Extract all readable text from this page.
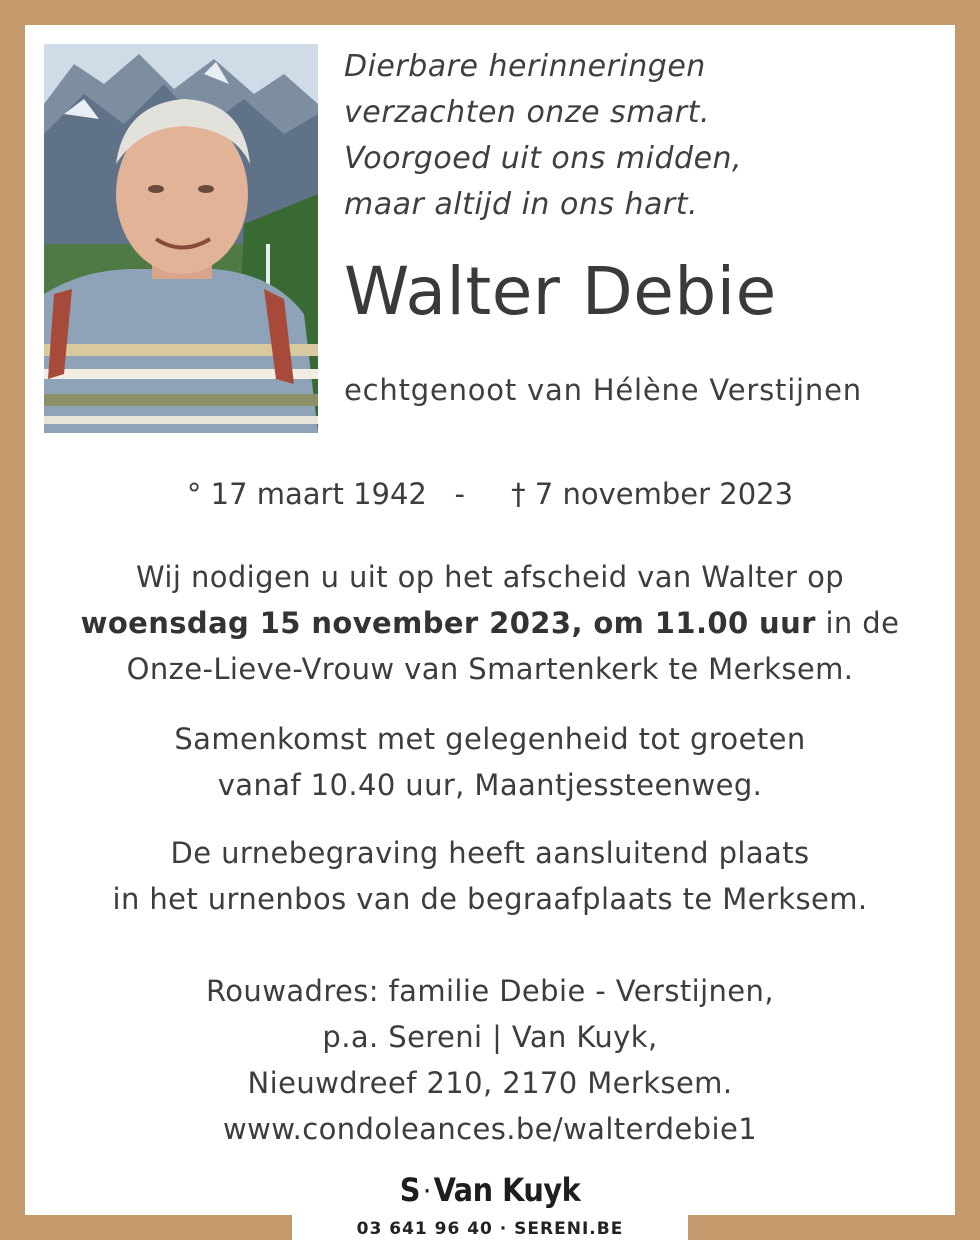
Dierbare herinneringen
verzachten onze smart.
Voorgoed uit ons midden,
maar altijd in ons hart.
Walter Debie
echtgenoot van Hélène Verstijnen
° 17 maart 1942 - † 7 november 2023
Wij nodigen u uit op het afscheid van Walter op
woensdag 15 november 2023, om 11.00 uur in de
Onze-Lieve-Vrouw van Smartenkerk te Merksem.
Samenkomst met gelegenheid tot groeten
vanaf 10.40 uur, Maantjessteenweg.
De urnebegraving heeft aansluitend plaats
in het urnenbos van de begraafplaats te Merksem.
Rouwadres: familie Debie - Verstijnen,
p.a. Sereni | Van Kuyk,
Nieuwdreef 210, 2170 Merksem.
www.condoleances.be/walterdebie1
S · Van Kuyk
03 641 96 40 · SERENI.BE
